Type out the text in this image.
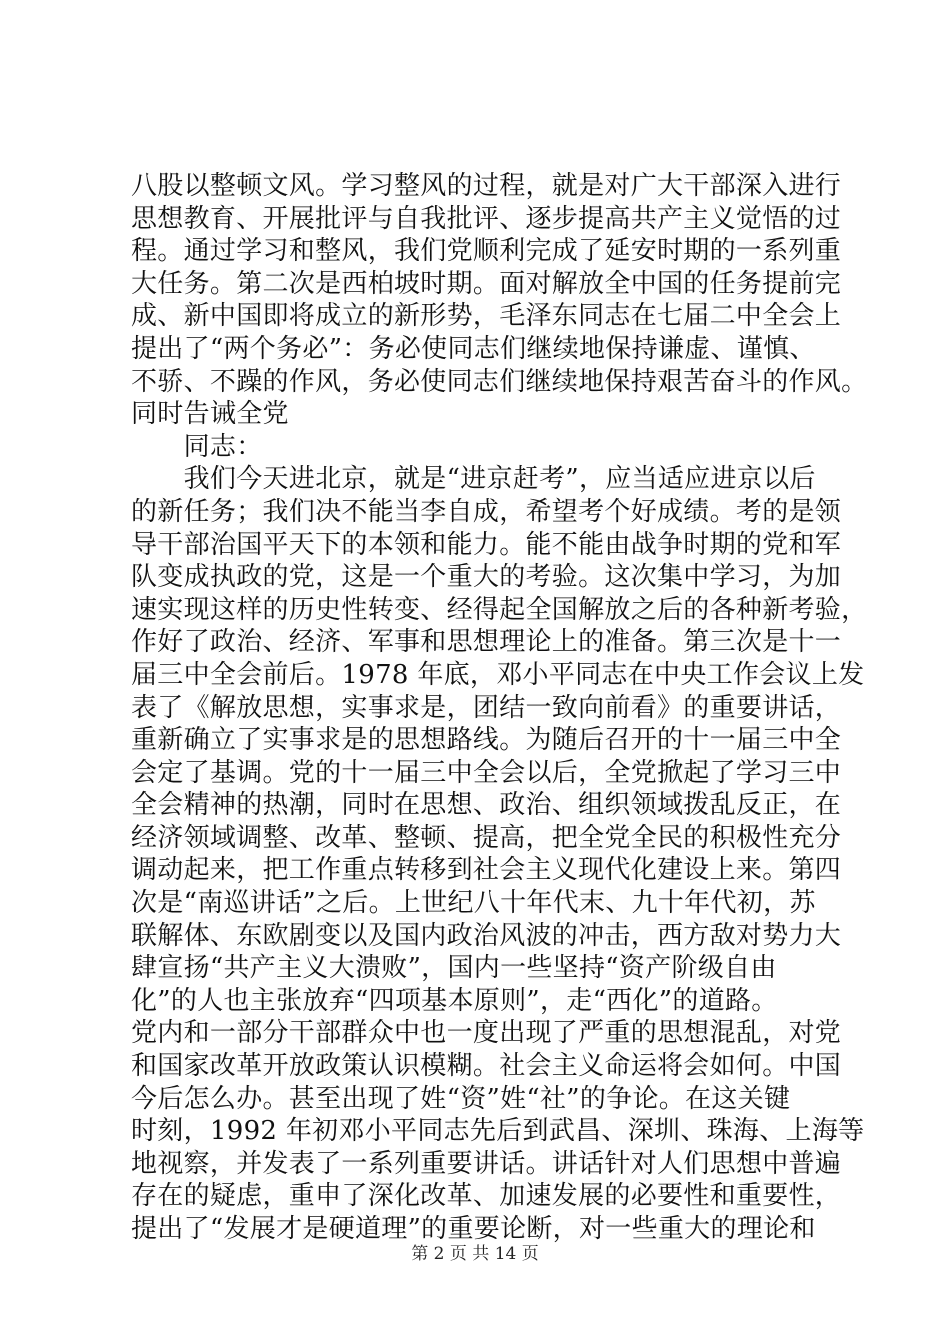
八股以整顿文风。学习整风的过程，就是对广大干部深入进行
思想教育、开展批评与自我批评、逐步提高共产主义觉悟的过
程。通过学习和整风，我们党顺利完成了延安时期的一系列重
大任务。第二次是西柏坡时期。面对解放全中国的任务提前完
成、新中国即将成立的新形势，毛泽东同志在七届二中全会上
提出了“两个务必”：务必使同志们继续地保持谦虚、谨慎、
不骄、不躁的作风，务必使同志们继续地保持艰苦奋斗的作风。
同时告诫全党
　　同志：
　　我们今天进北京，就是“进京赶考”，应当适应进京以后
的新任务；我们决不能当李自成，希望考个好成绩。考的是领
导干部治国平天下的本领和能力。能不能由战争时期的党和军
队变成执政的党，这是一个重大的考验。这次集中学习，为加
速实现这样的历史性转变、经得起全国解放之后的各种新考验，
作好了政治、经济、军事和思想理论上的准备。第三次是十一
届三中全会前后。1978 年底，邓小平同志在中央工作会议上发
表了《解放思想，实事求是，团结一致向前看》的重要讲话，
重新确立了实事求是的思想路线。为随后召开的十一届三中全
会定了基调。党的十一届三中全会以后，全党掀起了学习三中
全会精神的热潮，同时在思想、政治、组织领域拨乱反正，在
经济领域调整、改革、整顿、提高，把全党全民的积极性充分
调动起来，把工作重点转移到社会主义现代化建设上来。第四
次是“南巡讲话”之后。上世纪八十年代末、九十年代初，苏
联解体、东欧剧变以及国内政治风波的冲击，西方敌对势力大
肆宣扬“共产主义大溃败”，国内一些坚持“资产阶级自由
化”的人也主张放弃“四项基本原则”，走“西化”的道路。
党内和一部分干部群众中也一度出现了严重的思想混乱，对党
和国家改革开放政策认识模糊。社会主义命运将会如何。中国
今后怎么办。甚至出现了姓“资”姓“社”的争论。在这关键
时刻，1992 年初邓小平同志先后到武昌、深圳、珠海、上海等
地视察，并发表了一系列重要讲话。讲话针对人们思想中普遍
存在的疑虑，重申了深化改革、加速发展的必要性和重要性，
提出了“发展才是硬道理”的重要论断，对一些重大的理论和
第 2 页 共 14 页
